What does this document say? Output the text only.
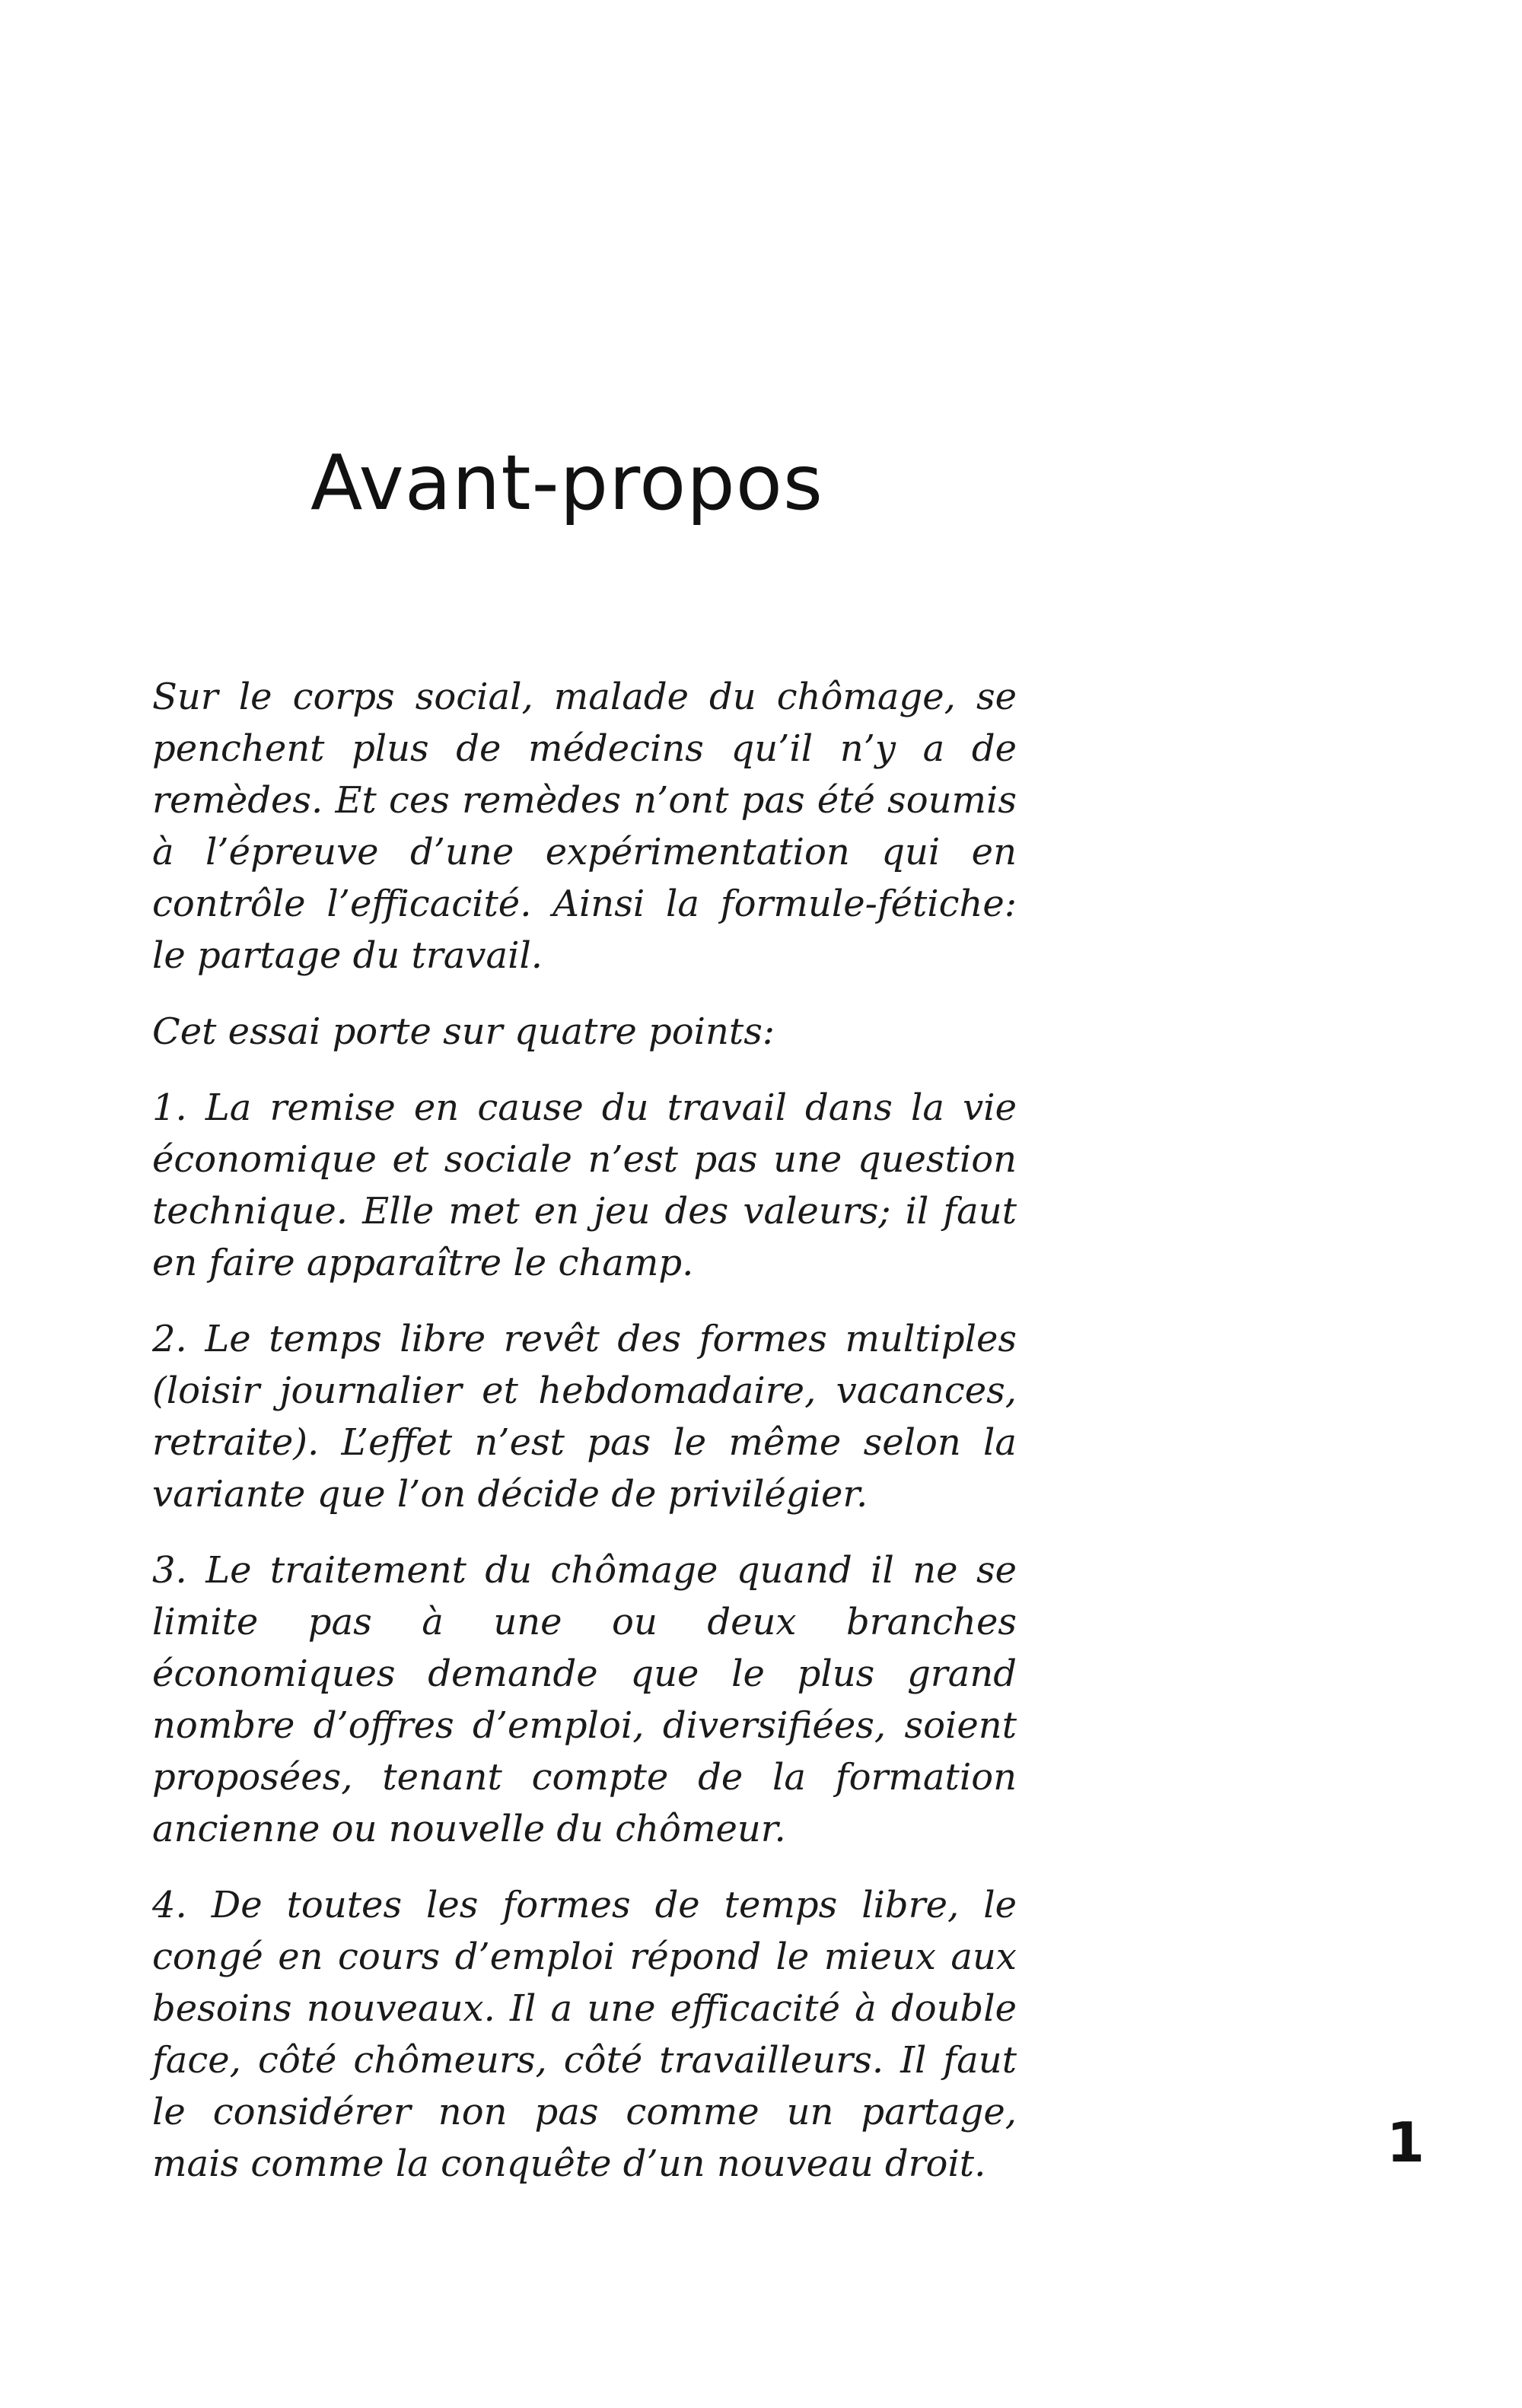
Avant-propos

Sur le corps social, malade du chômage, se penchent plus de médecins qu’il n’y a de remèdes. Et ces remèdes n’ont pas été soumis à l’épreuve d’une expérimentation qui en contrôle l’efficacité. Ainsi la formule-fétiche: le partage du travail.

Cet essai porte sur quatre points:

1. La remise en cause du travail dans la vie économique et sociale n’est pas une question technique. Elle met en jeu des valeurs; il faut en faire apparaître le champ.

2. Le temps libre revêt des formes multiples (loisir journalier et hebdomadaire, vacances, retraite). L’effet n’est pas le même selon la variante que l’on décide de privilégier.

3. Le traitement du chômage quand il ne se limite pas à une ou deux branches économiques demande que le plus grand nombre d’offres d’emploi, diversifiées, soient proposées, tenant compte de la formation ancienne ou nouvelle du chômeur.

4. De toutes les formes de temps libre, le congé en cours d’emploi répond le mieux aux besoins nouveaux. Il a une efficacité à double face, côté chômeurs, côté travailleurs. Il faut le considérer non pas comme un partage, mais comme la conquête d’un nouveau droit.	1
